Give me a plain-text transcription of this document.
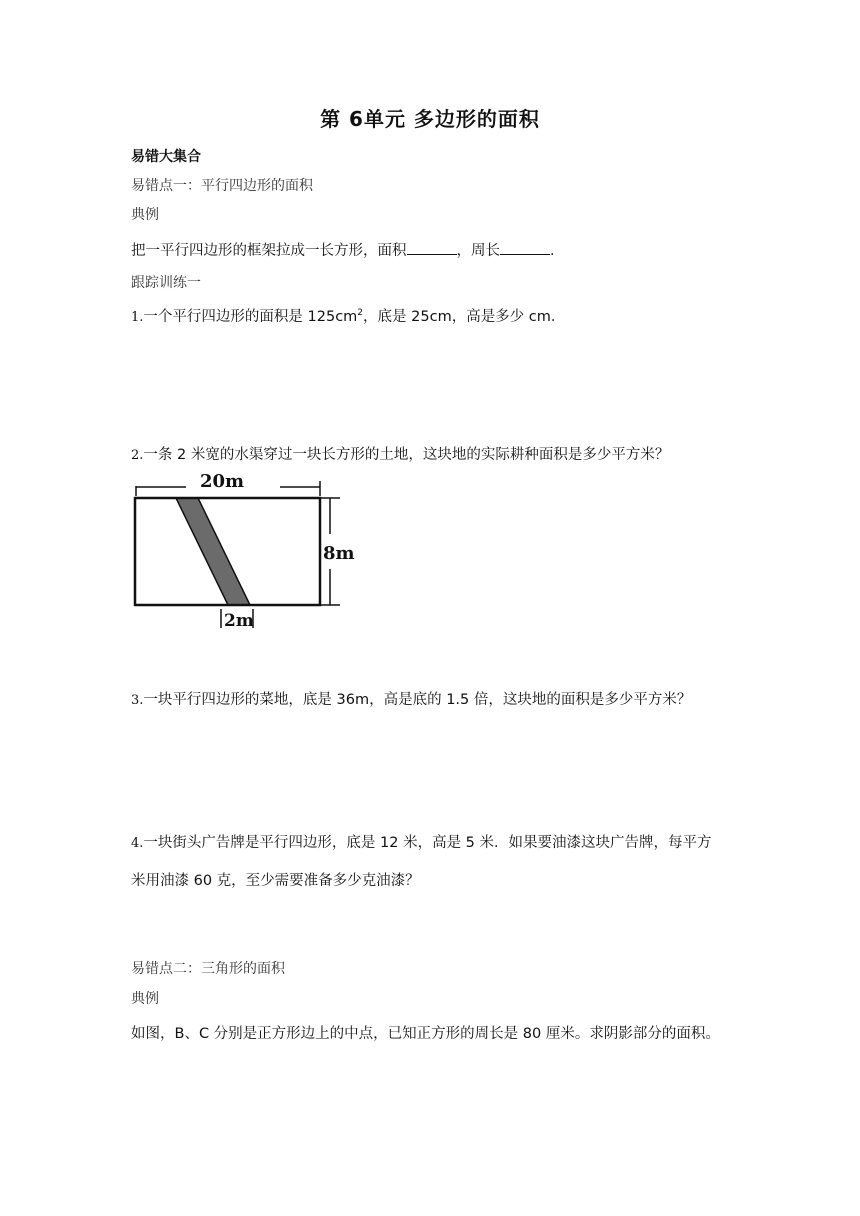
第 6单元 多边形的面积
易错大集合
易错点一：平行四边形的面积
典例
把一平行四边形的框架拉成一长方形，面积	，周长	．
跟踪训练一
1.一个平行四边形的面积是 $125cm^2$，底是 25cm，高是多少 cm．
2.一条 2 米宽的水渠穿过一块长方形的土地，这块地的实际耕种面积是多少平方米？
20m
8m
2m
3.一块平行四边形的菜地，底是 36m，高是底的 1.5 倍，这块地的面积是多少平方米？
4.一块街头广告牌是平行四边形，底是 12 米，高是 5 米．如果要油漆这块广告牌，每平方
米用油漆 60 克，至少需要准备多少克油漆？
易错点二：三角形的面积
典例
如图，B、C 分别是正方形边上的中点，已知正方形的周长是 80 厘米。求阴影部分的面积。
